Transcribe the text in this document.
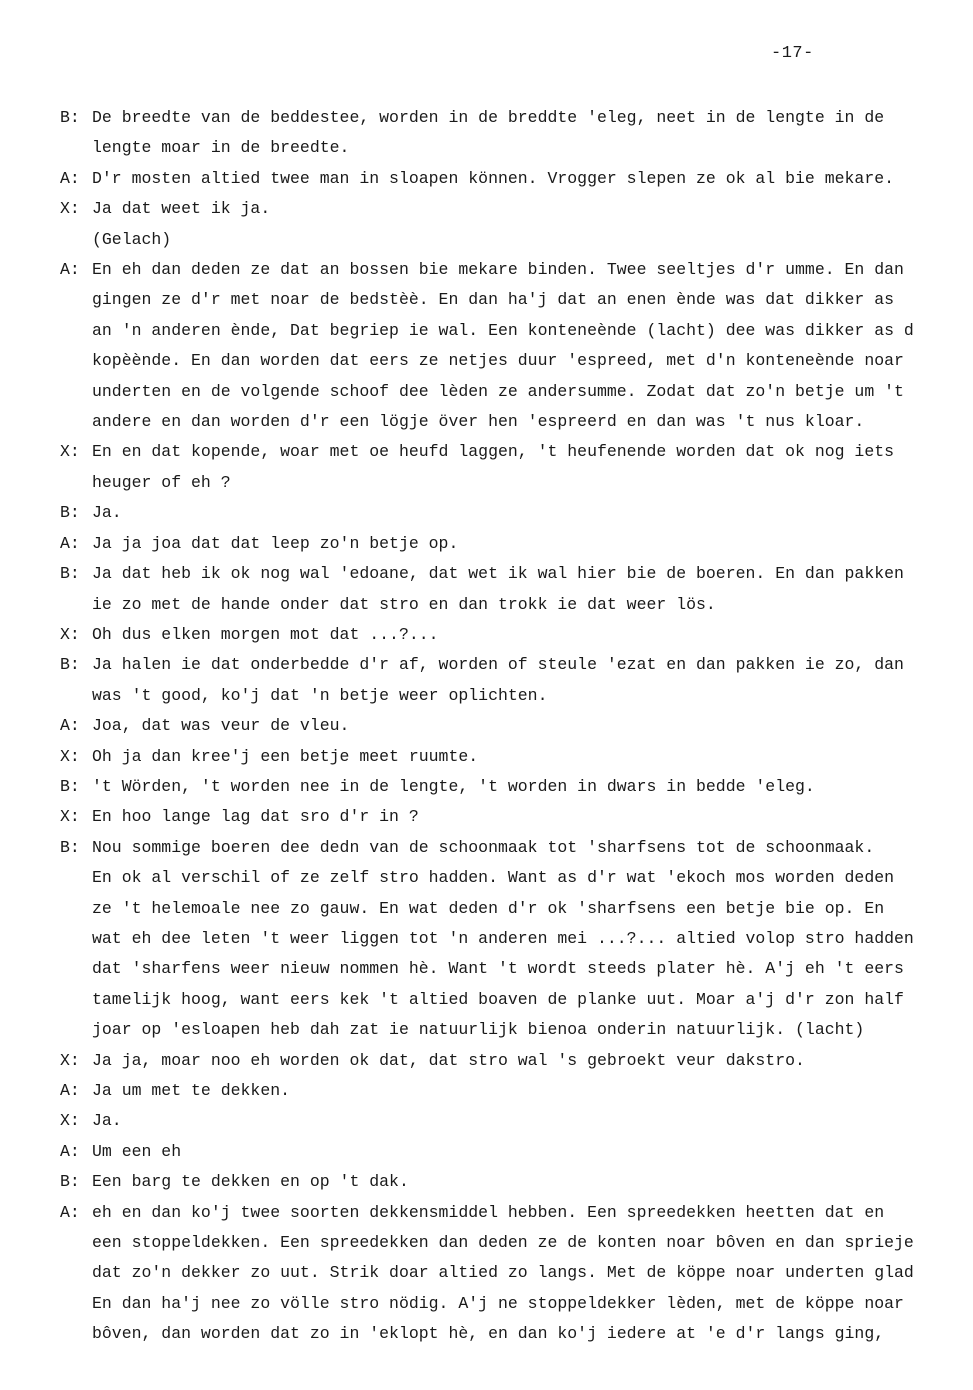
-17-
B: De breedte van de beddestee, worden in de breddte 'eleg, neet in de lengte in de
lengte moar in de breedte.
A: D'r mosten altied twee man in sloapen können. Vrogger slepen ze ok al bie mekare.
X: Ja dat weet ik ja.
(Gelach)
A: En eh dan deden ze dat an bossen bie mekare binden. Twee seeltjes d'r umme. En dan
gingen ze d'r met noar de bedstèè. En dan ha'j dat an enen ènde was dat dikker as
an 'n anderen ènde, Dat begriep ie wal. Een konteneènde (lacht) dee was dikker as d
kopèènde. En dan worden dat eers ze netjes duur 'espreed, met d'n konteneènde noar
underten en de volgende schoof dee lèden ze andersumme. Zodat dat zo'n betje um 't
andere en dan worden d'r een lögje över hen 'espreerd en dan was 't nus kloar.
X: En en dat kopende, woar met oe heufd laggen, 't heufenende worden dat ok nog iets
heuger of eh ?
B: Ja.
A: Ja ja joa dat dat leep zo'n betje op.
B: Ja dat heb ik ok nog wal 'edoane, dat wet ik wal hier bie de boeren. En dan pakken
ie zo met de hande onder dat stro en dan trokk ie dat weer lös.
X: Oh dus elken morgen mot dat ...?...
B: Ja halen ie dat onderbedde d'r af, worden of steule 'ezat en dan pakken ie zo, dan
was 't good, ko'j dat 'n betje weer oplichten.
A: Joa, dat was veur de vleu.
X: Oh ja dan kree'j een betje meet ruumte.
B: 't Wörden, 't worden nee in de lengte, 't worden in dwars in bedde 'eleg.
X: En hoo lange lag dat sro d'r in ?
B: Nou sommige boeren dee dedn van de schoonmaak tot 'sharfsens tot de schoonmaak.
En ok al verschil of ze zelf stro hadden. Want as d'r wat 'ekoch mos worden deden
ze 't helemoale nee zo gauw. En wat deden d'r ok 'sharfsens een betje bie op. En
wat eh dee leten 't weer liggen tot 'n anderen mei ...?... altied volop stro hadden
dat 'sharfens weer nieuw nommen hè. Want 't wordt steeds plater hè. A'j eh 't eers
tamelijk hoog, want eers kek 't altied boaven de planke uut. Moar a'j d'r zon half
joar op 'esloapen heb dah zat ie natuurlijk bienoa onderin natuurlijk. (lacht)
X: Ja ja, moar noo eh worden ok dat, dat stro wal 's gebroekt veur dakstro.
A: Ja um met te dekken.
X: Ja.
A: Um een eh
B: Een barg te dekken en op 't dak.
A: eh en dan ko'j twee soorten dekkensmiddel hebben. Een spreedekken heetten dat en
een stoppeldekken. Een spreedekken dan deden ze de konten noar bôven en dan sprieje
dat zo'n dekker zo uut. Strik doar altied zo langs. Met de köppe noar underten glad
En dan ha'j nee zo völle stro nödig. A'j ne stoppeldekker lèden, met de köppe noar
bôven, dan worden dat zo in 'eklopt hè, en dan ko'j iedere at 'e d'r langs ging,
